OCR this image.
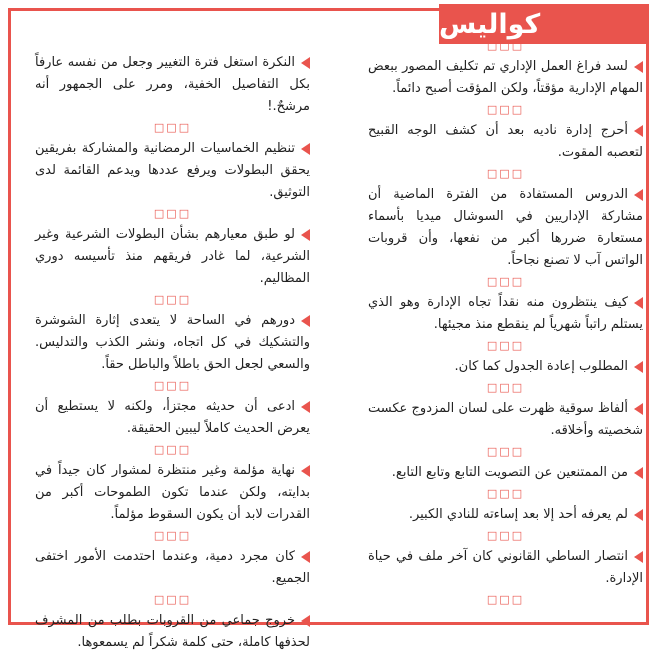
كواليس
□□□
لسد فراغ العمل الإداري تم تكليف المصور ببعض المهام الإدارية مؤقتاً، ولكن المؤقت أصبح دائماً.
□□□
أحرج إدارة ناديه بعد أن كشف الوجه القبيح لتعصبه المقوت.
□□□
الدروس المستفادة من الفترة الماضية أن مشاركة الإداريين في السوشال ميديا بأسماء مستعارة ضررها أكبر من نفعها، وأن قروبات الواتس آب لا تصنع نجاحاً.
□□□
كيف ينتظرون منه نقداً تجاه الإدارة وهو الذي يستلم راتباً شهرياً لم ينقطع منذ مجيئها.
□□□
المطلوب إعادة الجدول كما كان.
□□□
ألفاظ سوقية ظهرت على لسان المزدوج عكست شخصيته وأخلاقه.
□□□
من الممتنعين عن التصويت التابع وتابع التابع.
□□□
لم يعرفه أحد إلا بعد إساءته للنادي الكبير.
□□□
انتصار الساطي القانوني كان آخر ملف في حياة الإدارة.
□□□
النكرة استغل فترة التغيير وجعل من نفسه عارفاً بكل التفاصيل الخفية، ومرر على الجمهور أنه مرشحٌ.!
□□□
تنظيم الخماسيات الرمضانية والمشاركة بفريقين يحقق البطولات ويرفع عددها ويدعم القائمة لدى التوثيق.
□□□
لو طبق معيارهم بشأن البطولات الشرعية وغير الشرعية، لما غادر فريقهم منذ تأسيسه دوري المظاليم.
□□□
دورهم في الساحة لا يتعدى إثارة الشوشرة والتشكيك في كل اتجاه، ونشر الكذب والتدليس. والسعي لجعل الحق باطلاً والباطل حقاً.
□□□
ادعى أن حديثه مجتزأ، ولكنه لا يستطيع أن يعرض الحديث كاملاً ليبين الحقيقة.
□□□
نهاية مؤلمة وغير منتظرة لمشوار كان جيداً في بدايته، ولكن عندما تكون الطموحات أكبر من القدرات لابد أن يكون السقوط مؤلماً.
□□□
كان مجرد دمية، وعندما احتدمت الأمور اختفى الجميع.
□□□
خروج جماعي من القروبات بطلب من المشرف لحذفها كاملة، حتى كلمة شكراً لم يسمعوها.
